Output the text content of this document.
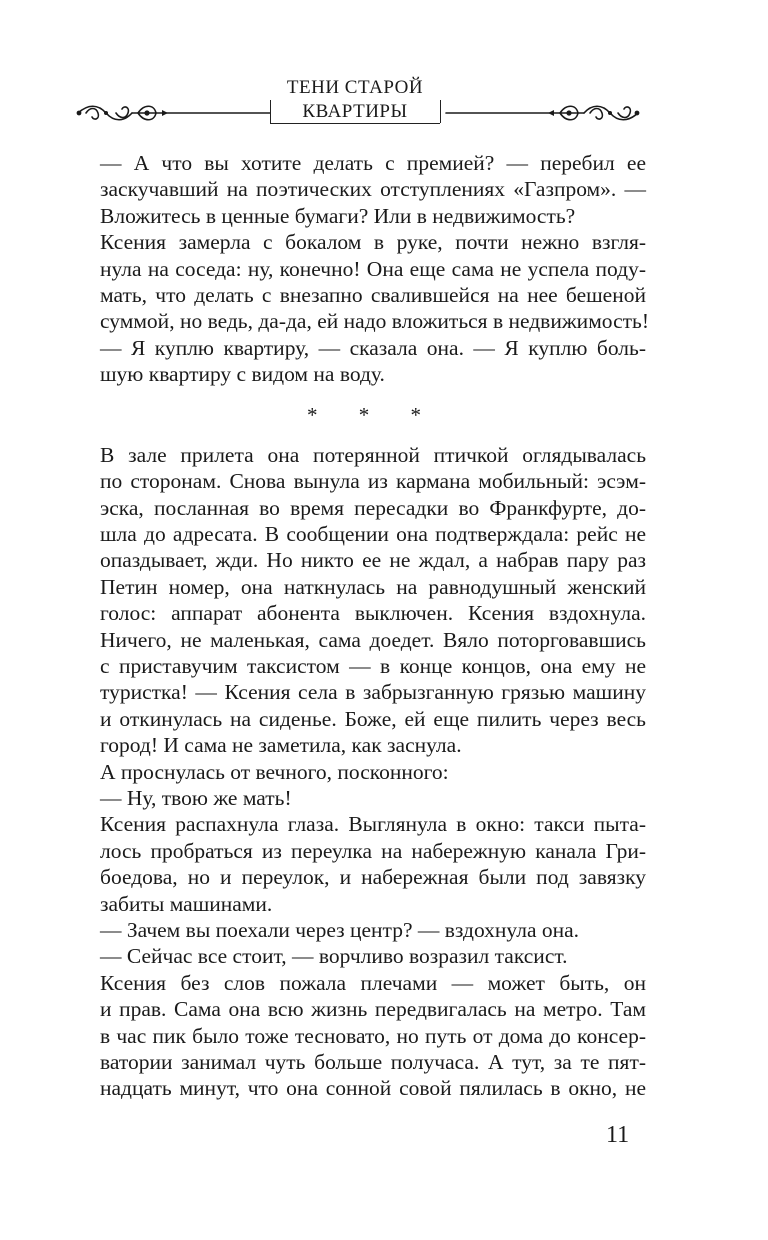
ТЕНИ СТАРОЙ
КВАРТИРЫ
— А что вы хотите делать с премией? — перебил ее
заскучавший на поэтических отступлениях «Газпром». —
Вложитесь в ценные бумаги? Или в недвижимость?
Ксения замерла с бокалом в руке, почти нежно взгля-
нула на соседа: ну, конечно! Она еще сама не успела поду-
мать, что делать с внезапно свалившейся на нее бешеной
суммой, но ведь, да-да, ей надо вложиться в недвижимость!
— Я куплю квартиру, — сказала она. — Я куплю боль-
шую квартиру с видом на воду.
* * *
В зале прилета она потерянной птичкой оглядывалась
по сторонам. Снова вынула из кармана мобильный: эсэм-
эска, посланная во время пересадки во Франкфурте, до-
шла до адресата. В сообщении она подтверждала: рейс не
опаздывает, жди. Но никто ее не ждал, а набрав пару раз
Петин номер, она наткнулась на равнодушный женский
голос: аппарат абонента выключен. Ксения вздохнула.
Ничего, не маленькая, сама доедет. Вяло поторговавшись
с приставучим таксистом — в конце концов, она ему не
туристка! — Ксения села в забрызганную грязью машину
и откинулась на сиденье. Боже, ей еще пилить через весь
город! И сама не заметила, как заснула.
А проснулась от вечного, посконного:
— Ну, твою же мать!
Ксения распахнула глаза. Выглянула в окно: такси пыта-
лось пробраться из переулка на набережную канала Гри-
боедова, но и переулок, и набережная были под завязку
забиты машинами.
— Зачем вы поехали через центр? — вздохнула она.
— Сейчас все стоит, — ворчливо возразил таксист.
Ксения без слов пожала плечами — может быть, он
и прав. Сама она всю жизнь передвигалась на метро. Там
в час пик было тоже тесновато, но путь от дома до консер-
ватории занимал чуть больше получаса. А тут, за те пят-
надцать минут, что она сонной совой пялилась в окно, не
11
